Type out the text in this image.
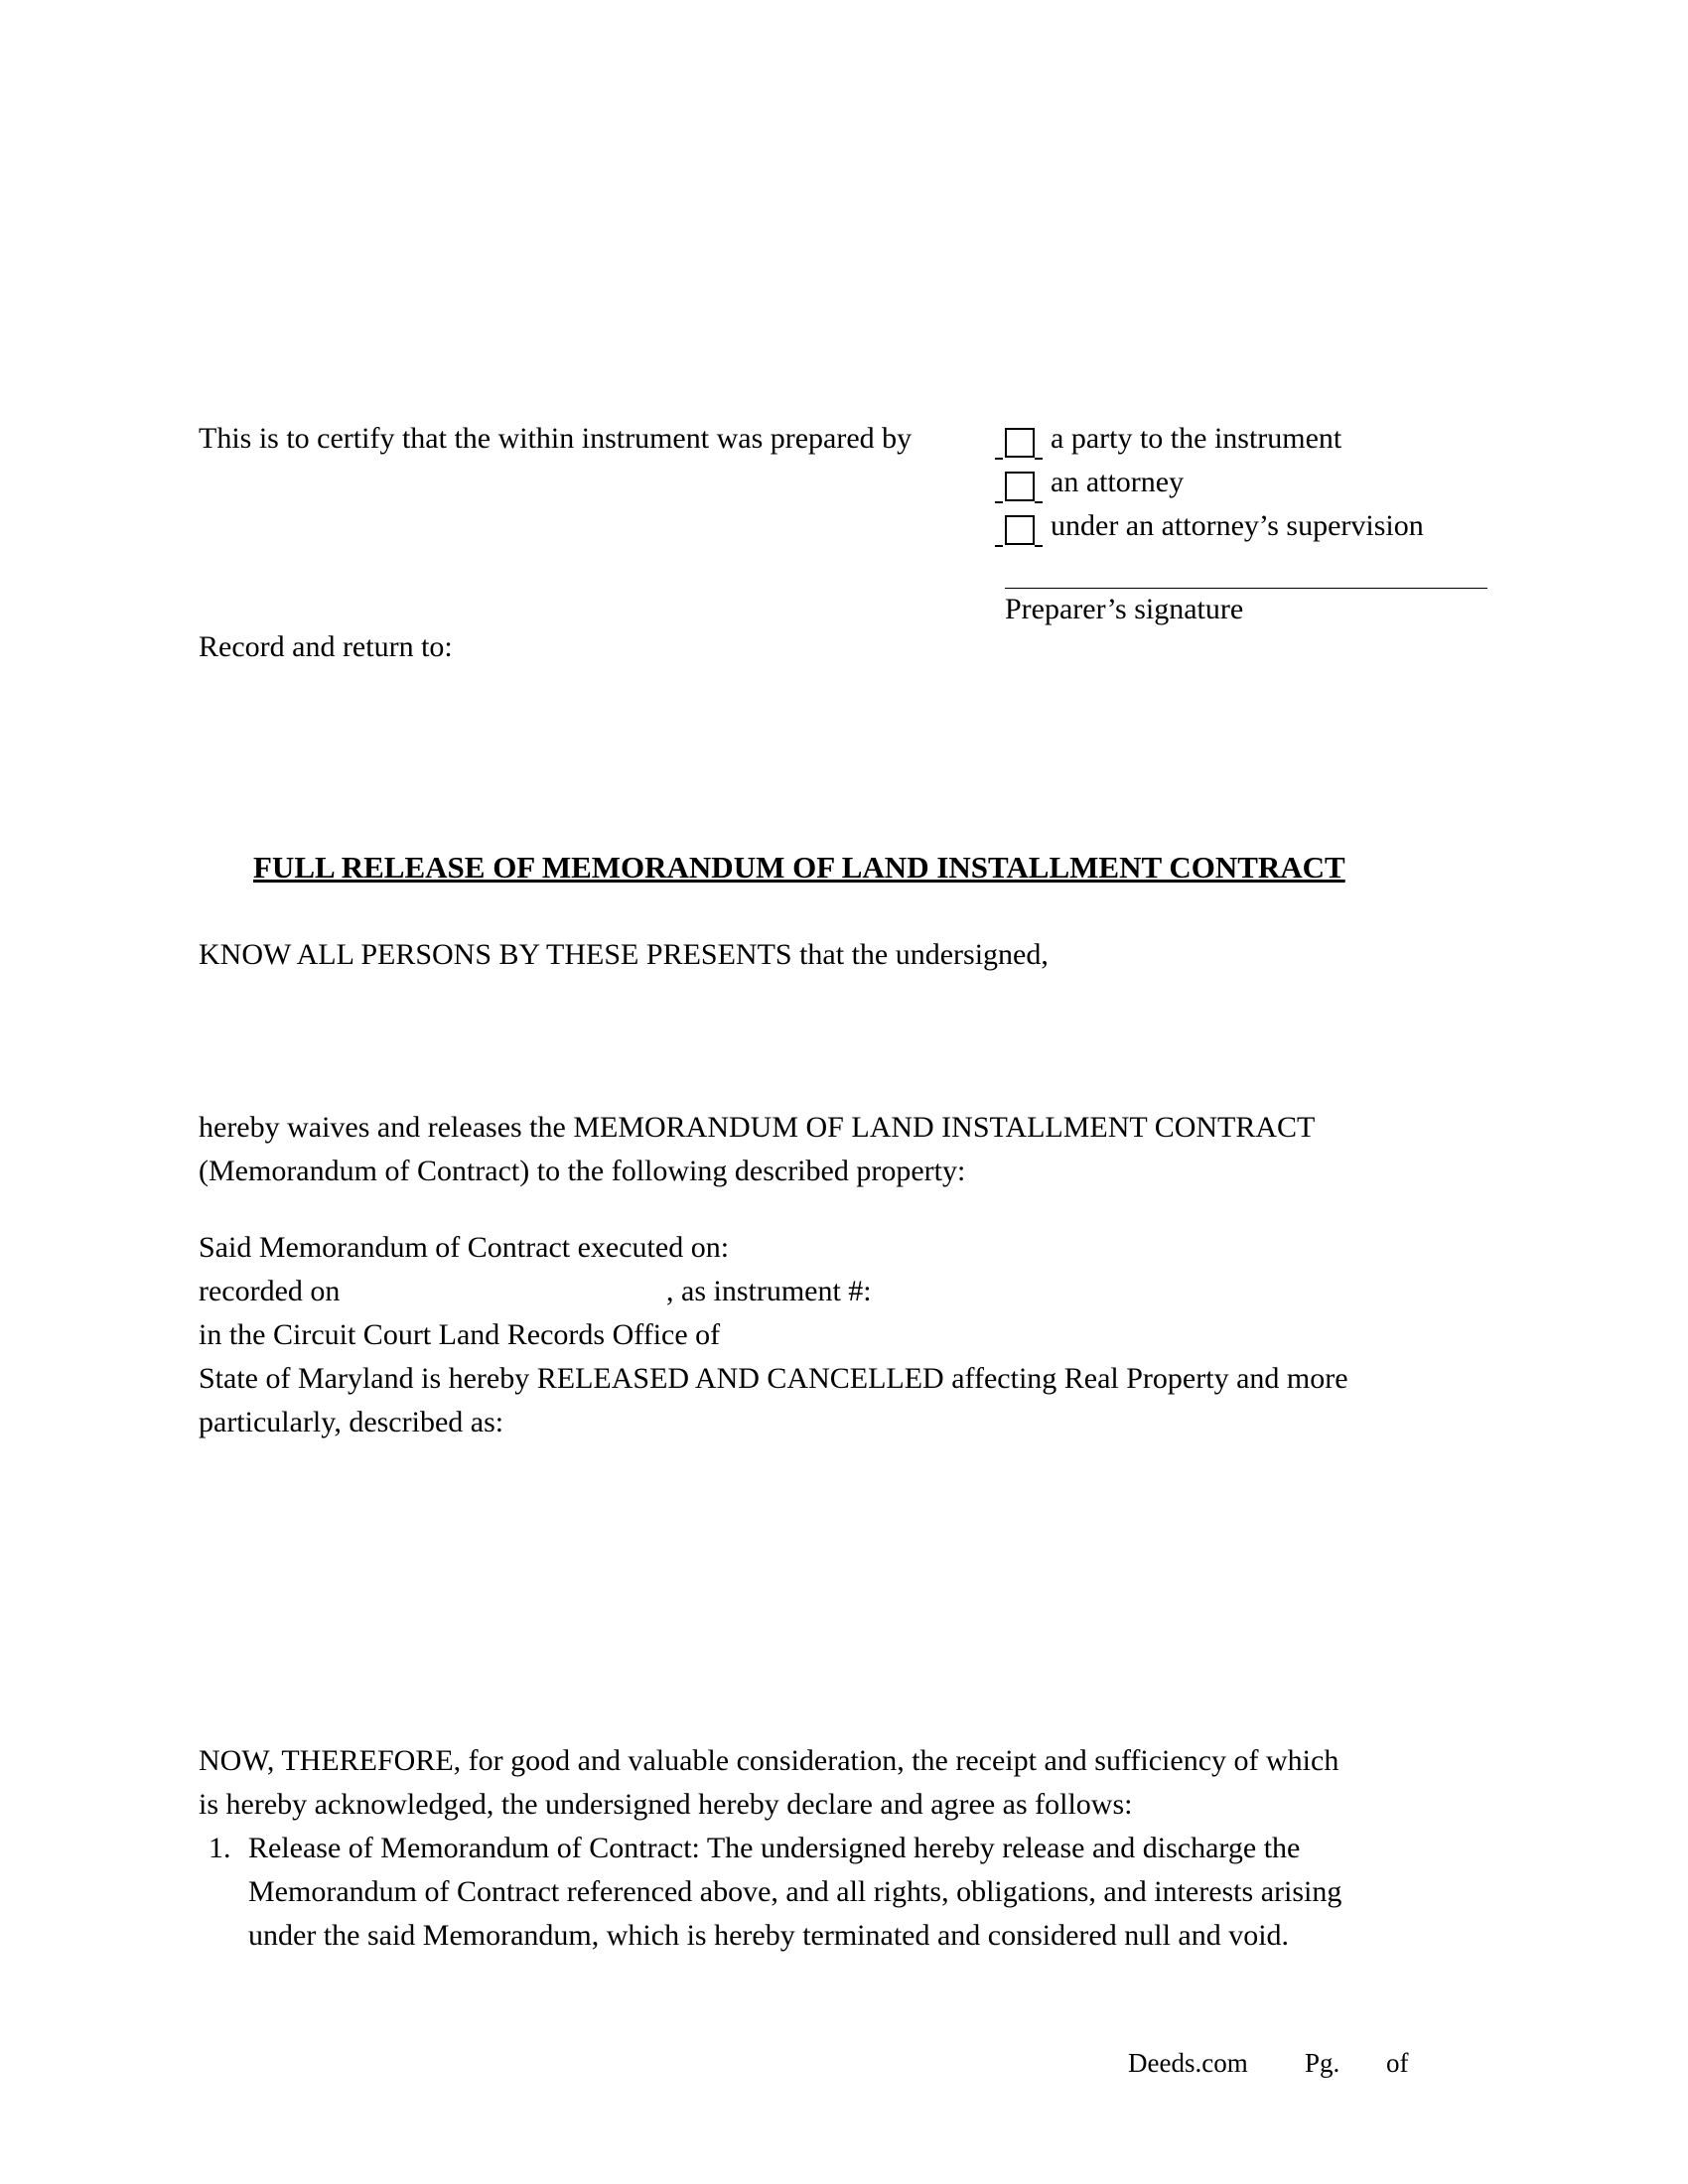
This is to certify that the within instrument was prepared by	a party to the instrument

an attorney

under an attorney’s supervision

Preparer’s signature

Record and return to:

FULL RELEASE OF MEMORANDUM OF LAND INSTALLMENT CONTRACT

KNOW ALL PERSONS BY THESE PRESENTS that the undersigned,

hereby waives and releases the MEMORANDUM OF LAND INSTALLMENT CONTRACT

(Memorandum of Contract) to the following described property:

Said Memorandum of Contract executed on:

recorded on	, as instrument #:

in the Circuit Court Land Records Office of

State of Maryland is hereby RELEASED AND CANCELLED affecting Real Property and more

particularly, described as:

NOW, THEREFORE, for good and valuable consideration, the receipt and sufficiency of which

is hereby acknowledged, the undersigned hereby declare and agree as follows:

1. Release of Memorandum of Contract: The undersigned hereby release and discharge the

Memorandum of Contract referenced above, and all rights, obligations, and interests arising

under the said Memorandum, which is hereby terminated and considered null and void.

Deeds.com Pg. of
